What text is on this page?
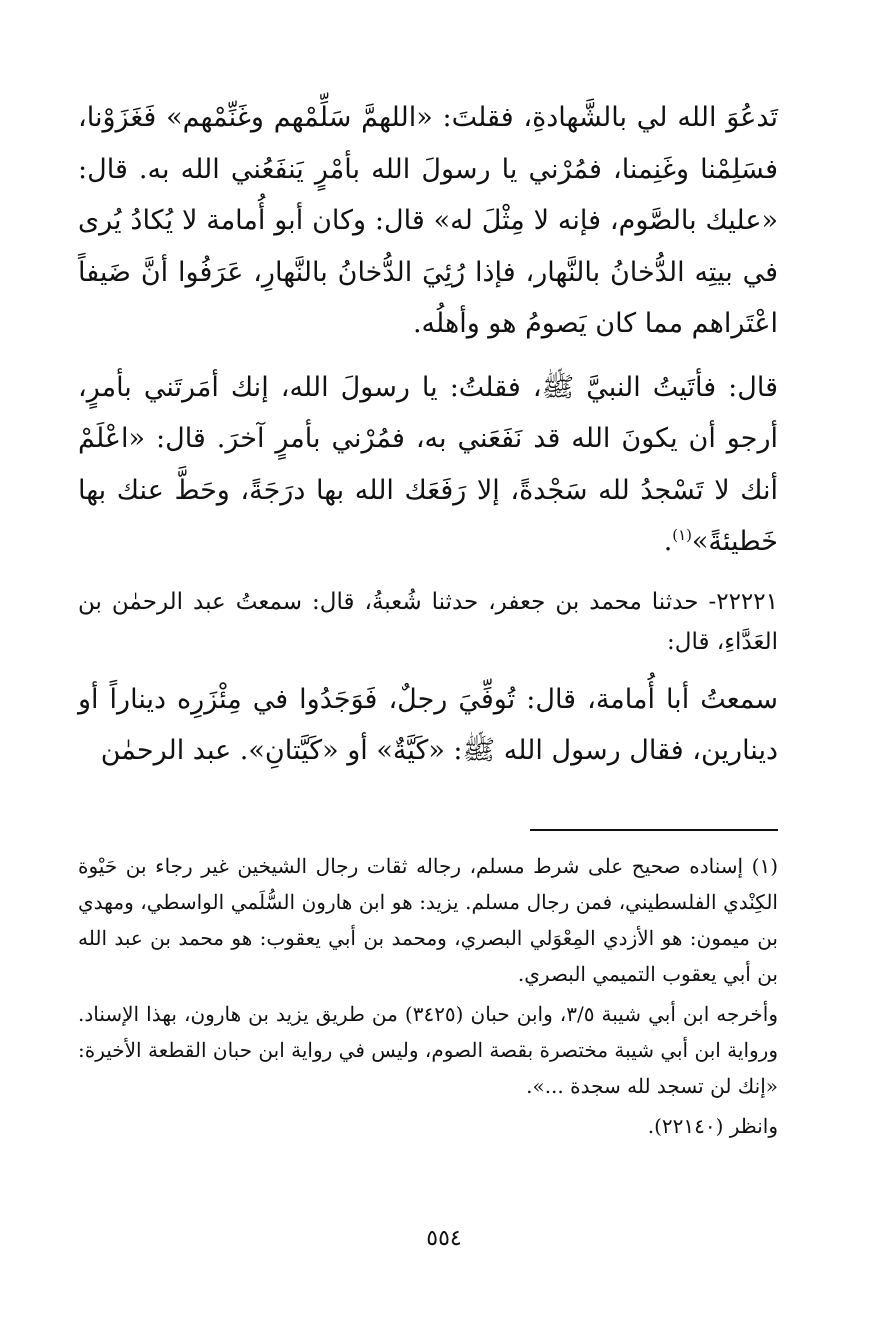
تَدعُوَ الله لي بالشَّهادةِ، فقلتَ: «اللهمَّ سَلِّمْهم وغَنِّمْهم» فَغَزَوْنا، فسَلِمْنا وغَنِمنا، فمُرْني يا رسولَ الله بأمْرٍ يَنفَعُني الله به. قال: «عليك بالصَّوم، فإنه لا مِثْلَ له» قال: وكان أبو أُمامة لا يُكادُ يُرى في بيتِه الدُّخانُ بالنَّهار، فإذا رُئِيَ الدُّخانُ بالنَّهارِ، عَرَفُوا أنَّ ضَيفاً اعْتَراهم مما كان يَصومُ هو وأهلُه.

قال: فأتَيتُ النبيَّ ﷺ، فقلتُ: يا رسولَ الله، إنك أمَرتَني بأمرٍ، أرجو أن يكونَ الله قد نَفَعَني به، فمُرْني بأمرٍ آخرَ. قال: «اعْلَمْ أنك لا تَسْجدُ لله سَجْدةً، إلا رَفَعَك الله بها درَجَةً، وحَطَّ عنك بها خَطيئةً»$^{(١)}$.

٢٢٢٢١- حدثنا محمد بن جعفر، حدثنا شُعبةُ، قال: سمعتُ عبد الرحمٰن بن العَدَّاءِ، قال:

سمعتُ أبا أُمامة، قال: تُوفِّيَ رجلٌ، فَوَجَدُوا في مِئْزَرِه ديناراً أو دينارين، فقال رسول الله ﷺ: «كَيَّةٌ» أو «كَيَّتانِ». عبد الرحمٰن

(١) إسناده صحيح على شرط مسلم، رجاله ثقات رجال الشيخين غير رجاء بن حَيْوة الكِنْدي الفلسطيني، فمن رجال مسلم. يزيد: هو ابن هارون السُّلَمي الواسطي، ومهدي بن ميمون: هو الأزدي المِعْوَلي البصري، ومحمد بن أبي يعقوب: هو محمد بن عبد الله بن أبي يعقوب التميمي البصري.

وأخرجه ابن أبي شيبة ٣/٥، وابن حبان (٣٤٢٥) من طريق يزيد بن هارون، بهذا الإسناد. ورواية ابن أبي شيبة مختصرة بقصة الصوم، وليس في رواية ابن حبان القطعة الأخيرة: «إنك لن تسجد لله سجدة ...».

وانظر (٢٢١٤٠).

٥٥٤
